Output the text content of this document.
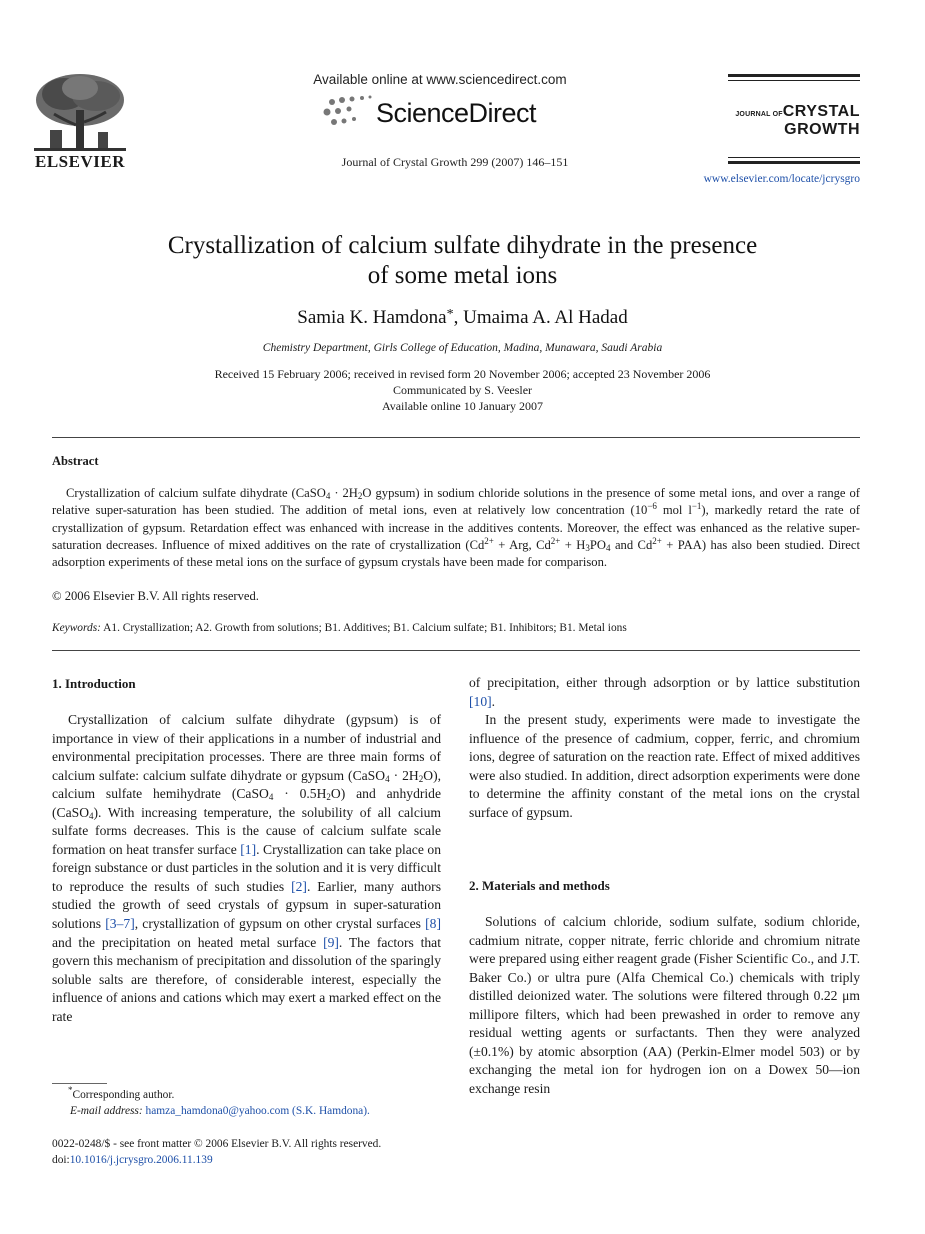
ELSEVIER
Available online at www.sciencedirect.com
ScienceDirect
Journal of Crystal Growth 299 (2007) 146–151
JOURNAL OFCRYSTAL
GROWTH
www.elsevier.com/locate/jcrysgro
Crystallization of calcium sulfate dihydrate in the presence
of some metal ions
Samia K. Hamdona*, Umaima A. Al Hadad
Chemistry Department, Girls College of Education, Madina, Munawara, Saudi Arabia
Received 15 February 2006; received in revised form 20 November 2006; accepted 23 November 2006
Communicated by S. Veesler
Available online 10 January 2007
Abstract
Crystallization of calcium sulfate dihydrate (CaSO$_4$ · $2H_2O$ gypsum) in sodium chloride solutions in the presence of some metal ions, and over a range of relative super-saturation has been studied. The addition of metal ions, even at relatively low concentration ($10^{-6}$ mol $l^{-1}$), markedly retard the rate of crystallization of gypsum. Retardation effect was enhanced with increase in the additives contents. Moreover, the effect was enhanced as the relative super-saturation decreases. Influence of mixed additives on the rate of crystallization ($Cd^{2+}$ + Arg, $Cd^{2+} + H_3PO_4$ and $Cd^{2+} + PAA$) has also been studied. Direct adsorption experiments of these metal ions on the surface of gypsum crystals have been made for comparison.
© 2006 Elsevier B.V. All rights reserved.
Keywords: A1. Crystallization; A2. Growth from solutions; B1. Additives; B1. Calcium sulfate; B1. Inhibitors; B1. Metal ions
1. Introduction

Crystallization of calcium sulfate dihydrate (gypsum) is of importance in view of their applications in a number of industrial and environmental precipitation processes. There are three main forms of calcium sulfate: calcium sulfate dihydrate or gypsum (CaSO$_4$ · $2H_2O$), calcium sulfate hemihydrate (CaSO$_4$ · $0.5H_2O$) and anhydride (CaSO$_4$). With increasing temperature, the solubility of all calcium sulfate forms decreases. This is the cause of calcium sulfate scale formation on heat transfer surface [1]. Crystallization can take place on foreign substance or dust particles in the solution and it is very difficult to reproduce the results of such studies [2]. Earlier, many authors studied the growth of seed crystals of gypsum in super-saturation solutions [3–7], crystallization of gypsum on other crystal surfaces [8] and the precipitation on heated metal surface [9]. The factors that govern this mechanism of precipitation and dissolution of the sparingly soluble salts are therefore, of considerable interest, especially the influence of anions and cations which may exert a marked effect on the rate

*Corresponding author.
E-mail address: hamza_hamdona0@yahoo.com (S.K. Hamdona).
0022-0248/$ - see front matter © 2006 Elsevier B.V. All rights reserved.
doi:10.1016/j.jcrysgro.2006.11.139

of precipitation, either through adsorption or by lattice substitution [10].

In the present study, experiments were made to investigate the influence of the presence of cadmium, copper, ferric, and chromium ions, degree of saturation on the reaction rate. Effect of mixed additives were also studied. In addition, direct adsorption experiments were done to determine the affinity constant of the metal ions on the crystal surface of gypsum.

2. Materials and methods

Solutions of calcium chloride, sodium sulfate, sodium chloride, cadmium nitrate, copper nitrate, ferric chloride and chromium nitrate were prepared using either reagent grade (Fisher Scientific Co., and J.T. Baker Co.) or ultra pure (Alfa Chemical Co.) chemicals with triply distilled deionized water. The solutions were filtered through 0.22 μm millipore filters, which had been prewashed in order to remove any residual wetting agents or surfactants. Then they were analyzed (±0.1%) by atomic absorption (AA) (Perkin-Elmer model 503) or by exchanging the metal ion for hydrogen ion on a Dowex 50—ion exchange resin
